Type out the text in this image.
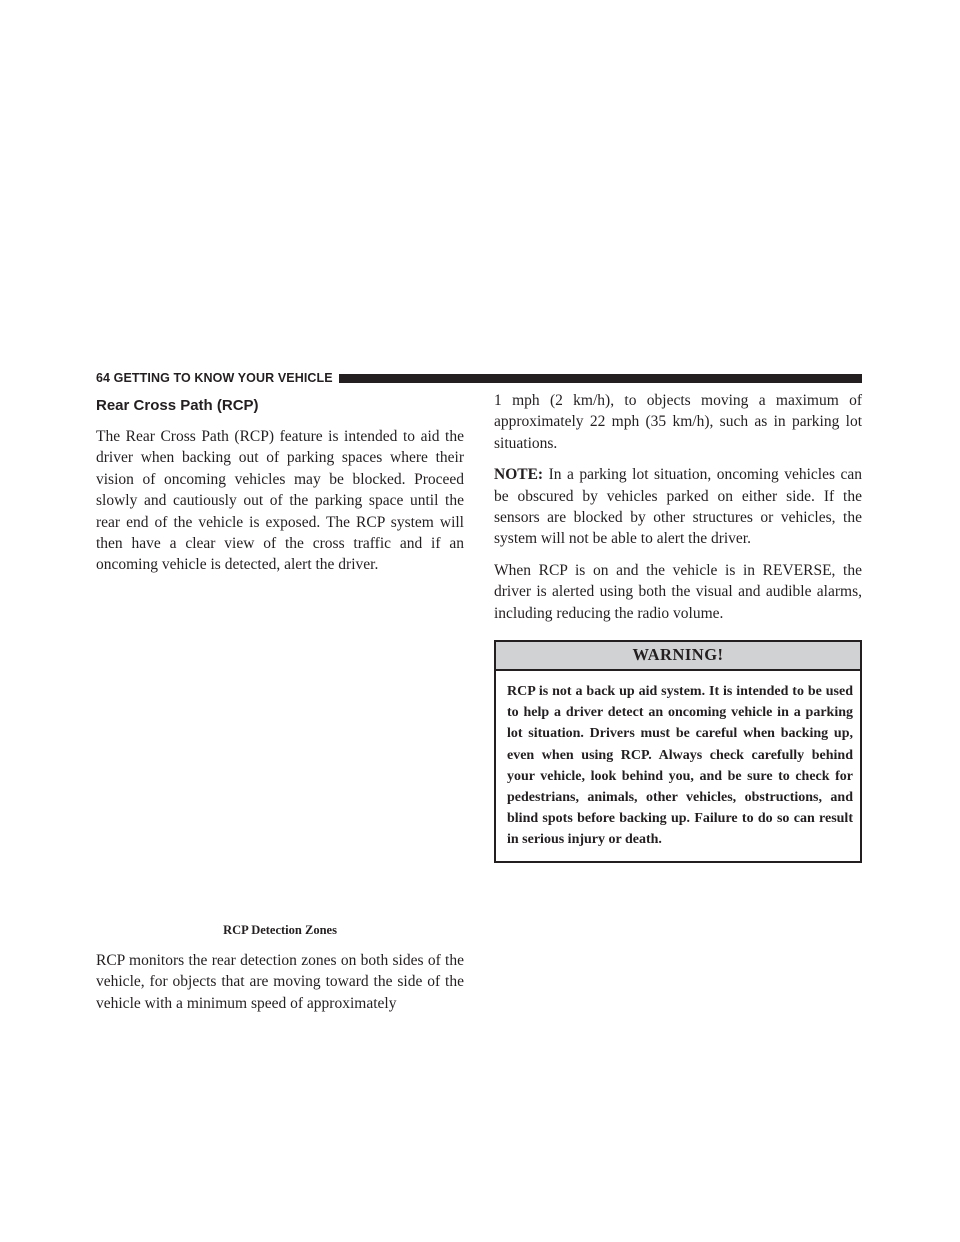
64 GETTING TO KNOW YOUR VEHICLE
Rear Cross Path (RCP)

The Rear Cross Path (RCP) feature is intended to aid the driver when backing out of parking spaces where their vision of oncoming vehicles may be blocked. Proceed slowly and cautiously out of the parking space until the rear end of the vehicle is exposed. The RCP system will then have a clear view of the cross traffic and if an oncoming vehicle is detected, alert the driver.

RCP Detection Zones

RCP monitors the rear detection zones on both sides of the vehicle, for objects that are moving toward the side of the vehicle with a minimum speed of approximately

1 mph (2 km/h), to objects moving a maximum of approximately 22 mph (35 km/h), such as in parking lot situations.

NOTE: In a parking lot situation, oncoming vehicles can be obscured by vehicles parked on either side. If the sensors are blocked by other structures or vehicles, the system will not be able to alert the driver.

When RCP is on and the vehicle is in REVERSE, the driver is alerted using both the visual and audible alarms, including reducing the radio volume.

WARNING!

RCP is not a back up aid system. It is intended to be used to help a driver detect an oncoming vehicle in a parking lot situation. Drivers must be careful when backing up, even when using RCP. Always check carefully behind your vehicle, look behind you, and be sure to check for pedestrians, animals, other vehicles, obstructions, and blind spots before backing up. Failure to do so can result in serious injury or death.
